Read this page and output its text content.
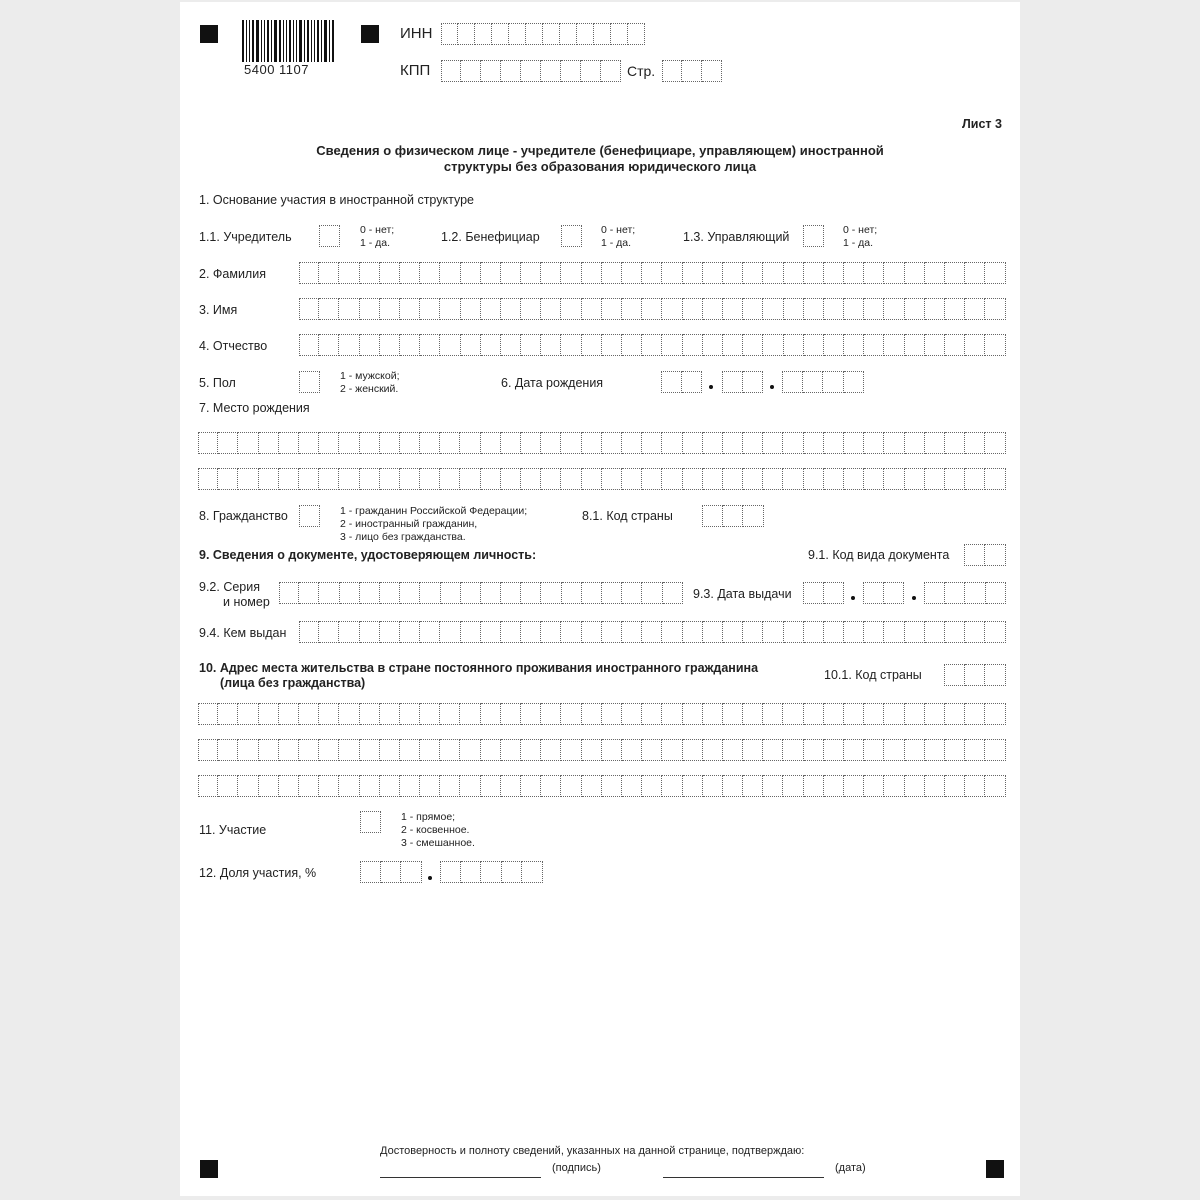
5400 1107
ИНН
КПП	Стр.
Лист 3
Сведения о физическом лице - учредителе (бенефициаре, управляющем) иностранной
структуры без образования юридического лица
1. Основание участия в иностранной структуре
1.1. Учредитель	0 - нет;
1 - да.	1.2. Бенефициар	0 - нет;
1 - да.	1.3. Управляющий	0 - нет;
1 - да.
2. Фамилия
3. Имя
4. Отчество
5. Пол	1 - мужской;
2 - женский.	6. Дата рождения
7. Место рождения
8. Гражданство	1 - гражданин Российской Федерации;
2 - иностранный гражданин,
3 - лицо без гражданства.
8.1. Код страны
9. Сведения о документе, удостоверяющем личность:	9.1. Код вида документа
9.2. Серия
и номер
9.3. Дата выдачи
9.4. Кем выдан
10. Адрес места жительства в стране постоянного проживания иностранного гражданина
(лица без гражданства)
10.1. Код страны
11. Участие
1 - прямое;
2 - косвенное.
3 - смешанное.
12. Доля участия, %
Достоверность и полноту сведений, указанных на данной странице, подтверждаю:
(подпись)	(дата)
